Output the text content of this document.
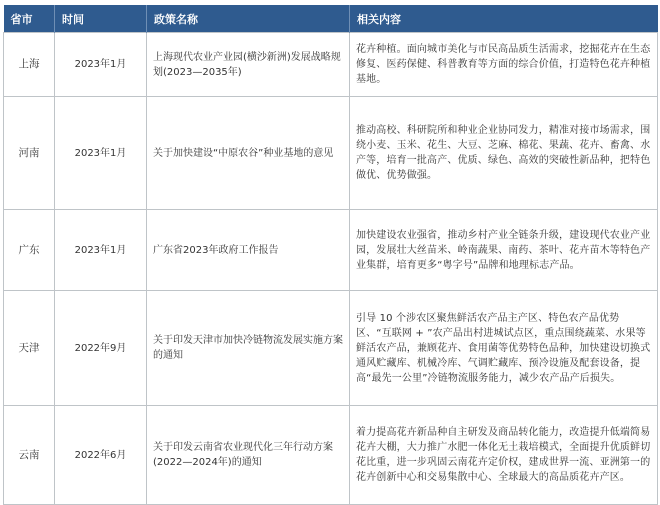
省市	时间	政策名称	相关内容
上海	2023年1月	上海现代农业产业园(横沙新洲)发展战略规划(2023—2035年)	花卉种植。面向城市美化与市民高品质生活需求，挖掘花卉在生态修复、医药保健、科普教育等方面的综合价值，打造特色花卉种植基地。
河南	2023年1月	关于加快建设“中原农谷”种业基地的意见	推动高校、科研院所和种业企业协同发力，精准对接市场需求，围绕小麦、玉米、花生、大豆、芝麻、棉花、果蔬、花卉、畜禽、水产等，培育一批高产、优质、绿色、高效的突破性新品种，把特色做优、优势做强。
广东	2023年1月	广东省2023年政府工作报告	加快建设农业强省，推动乡村产业全链条升级，建设现代农业产业园，发展壮大丝苗米、岭南蔬果、南药、茶叶、花卉苗木等特色产业集群，培育更多“粤字号”品牌和地理标志产品。
天津	2022年9月	关于印发天津市加快冷链物流发展实施方案的通知	引导 10 个涉农区聚焦鲜活农产品主产区、特色农产品优势区、“互联网 + ”农产品出村进城试点区，重点围绕蔬菜、水果等鲜活农产品，兼顾花卉、食用菌等优势特色品种，加快建设切换式通风贮藏库、机械冷库、气调贮藏库、预冷设施及配套设备，提高“最先一公里”冷链物流服务能力，减少农产品产后损失。
云南	2022年6月	关于印发云南省农业现代化三年行动方案(2022—2024年)的通知	着力提高花卉新品种自主研发及商品转化能力，改造提升低端简易花卉大棚，大力推广水肥一体化无土栽培模式，全面提升优质鲜切花比重，进一步巩固云南花卉定价权，建成世界一流、亚洲第一的花卉创新中心和交易集散中心、全球最大的高品质花卉产区。
